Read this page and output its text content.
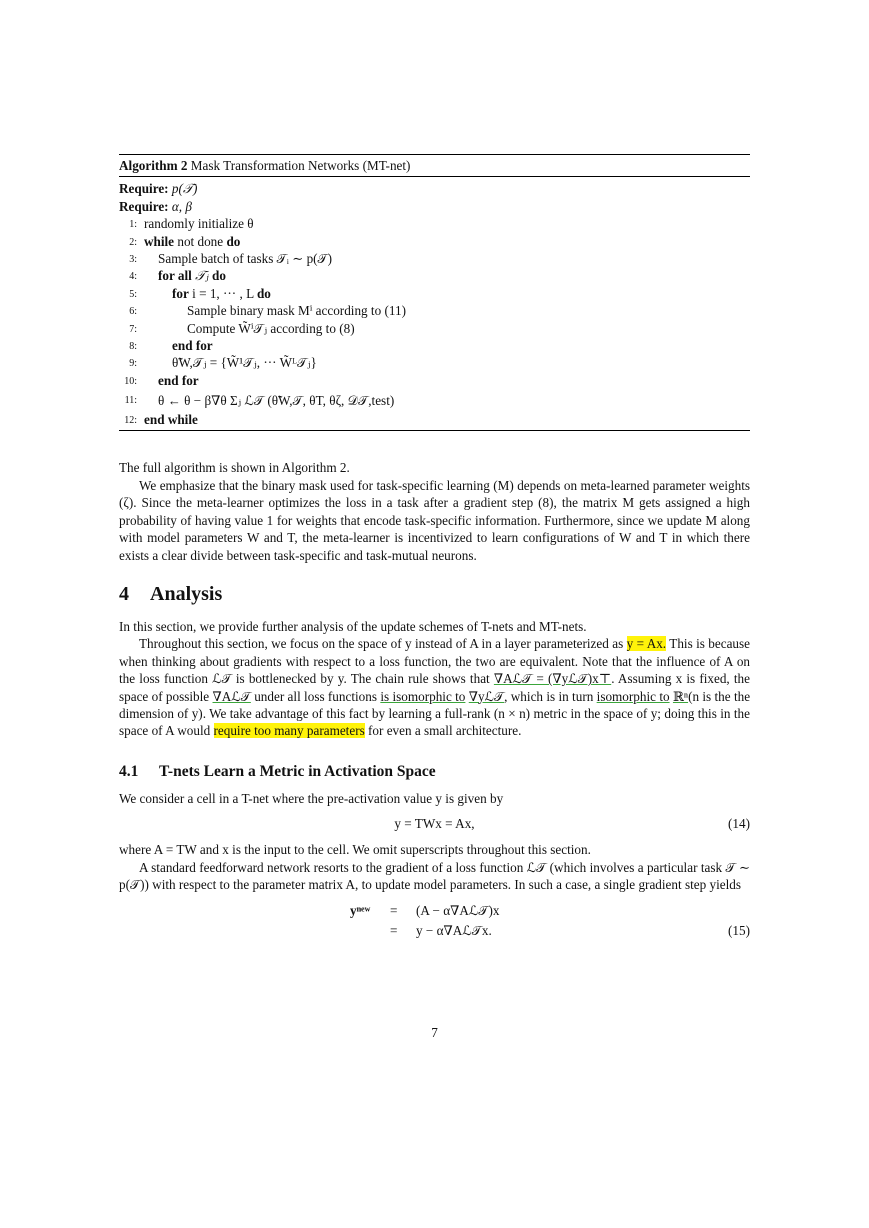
Algorithm 2 Mask Transformation Networks (MT-net)
Require: p(𝒯)
Require: α, β
1: randomly initialize θ
2: while not done do
3:	Sample batch of tasks 𝒯ᵢ ∼ p(𝒯)
4:	for all 𝒯ⱼ do
5:	for i = 1, ··· , L do
6:	Sample binary mask Mⁱ according to (11)
7:	Compute W̃ⁱ𝒯ⱼ according to (8)
8:	end for
9:	θ̃W,𝒯ⱼ = {W̃¹𝒯ⱼ, ··· W̃ᴸ𝒯ⱼ}
10:	end for
11:	θ ← θ − β∇θ Σⱼ ℒ𝒯 (θ̃W,𝒯, θT, θζ, 𝒟𝒯,test)
12: end while

The full algorithm is shown in Algorithm 2.

We emphasize that the binary mask used for task-specific learning (M) depends on meta-learned parameter weights (ζ). Since the meta-learner optimizes the loss in a task after a gradient step (8), the matrix M gets assigned a high probability of having value 1 for weights that encode task-specific information. Furthermore, since we update M along with model parameters W and T, the meta-learner is incentivized to learn configurations of W and T in which there exists a clear divide between task-specific and task-mutual neurons.

4 Analysis

In this section, we provide further analysis of the update schemes of T-nets and MT-nets.

Throughout this section, we focus on the space of y instead of A in a layer parameterized as y = Ax. This is because when thinking about gradients with respect to a loss function, the two are equivalent. Note that the influence of A on the loss function ℒ𝒯 is bottlenecked by y. The chain rule shows that ∇Aℒ𝒯 = (∇yℒ𝒯)x⊤. Assuming x is fixed, the space of possible ∇Aℒ𝒯 under all loss functions is isomorphic to ∇yℒ𝒯, which is in turn isomorphic to ℝⁿ(n is the the dimension of y). We take advantage of this fact by learning a full-rank (n × n) metric in the space of y; doing this in the space of A would require too many parameters for even a small architecture.

4.1 T-nets Learn a Metric in Activation Space

We consider a cell in a T-net where the pre-activation value y is given by

y = TWx = Ax,	(14)

where A = TW and x is the input to the cell. We omit superscripts throughout this section.

A standard feedforward network resorts to the gradient of a loss function ℒ𝒯 (which involves a particular task 𝒯 ∼ p(𝒯)) with respect to the parameter matrix A, to update model parameters. In such a case, a single gradient step yields

yⁿᵉʷ = (A − α∇Aℒ𝒯)x
= y − α∇Aℒ𝒯x.	(15)
7
